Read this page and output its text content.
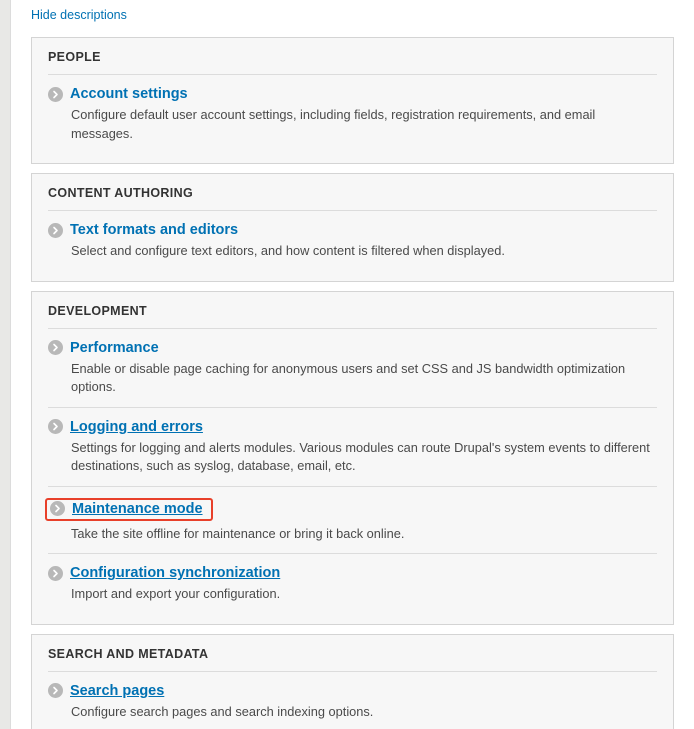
Hide descriptions
PEOPLE
Account settings
Configure default user account settings, including fields, registration requirements, and email messages.
CONTENT AUTHORING
Text formats and editors
Select and configure text editors, and how content is filtered when displayed.
DEVELOPMENT
Performance
Enable or disable page caching for anonymous users and set CSS and JS bandwidth optimization options.
Logging and errors
Settings for logging and alerts modules. Various modules can route Drupal's system events to different destinations, such as syslog, database, email, etc.
Maintenance mode
Take the site offline for maintenance or bring it back online.
Configuration synchronization
Import and export your configuration.
SEARCH AND METADATA
Search pages
Configure search pages and search indexing options.
